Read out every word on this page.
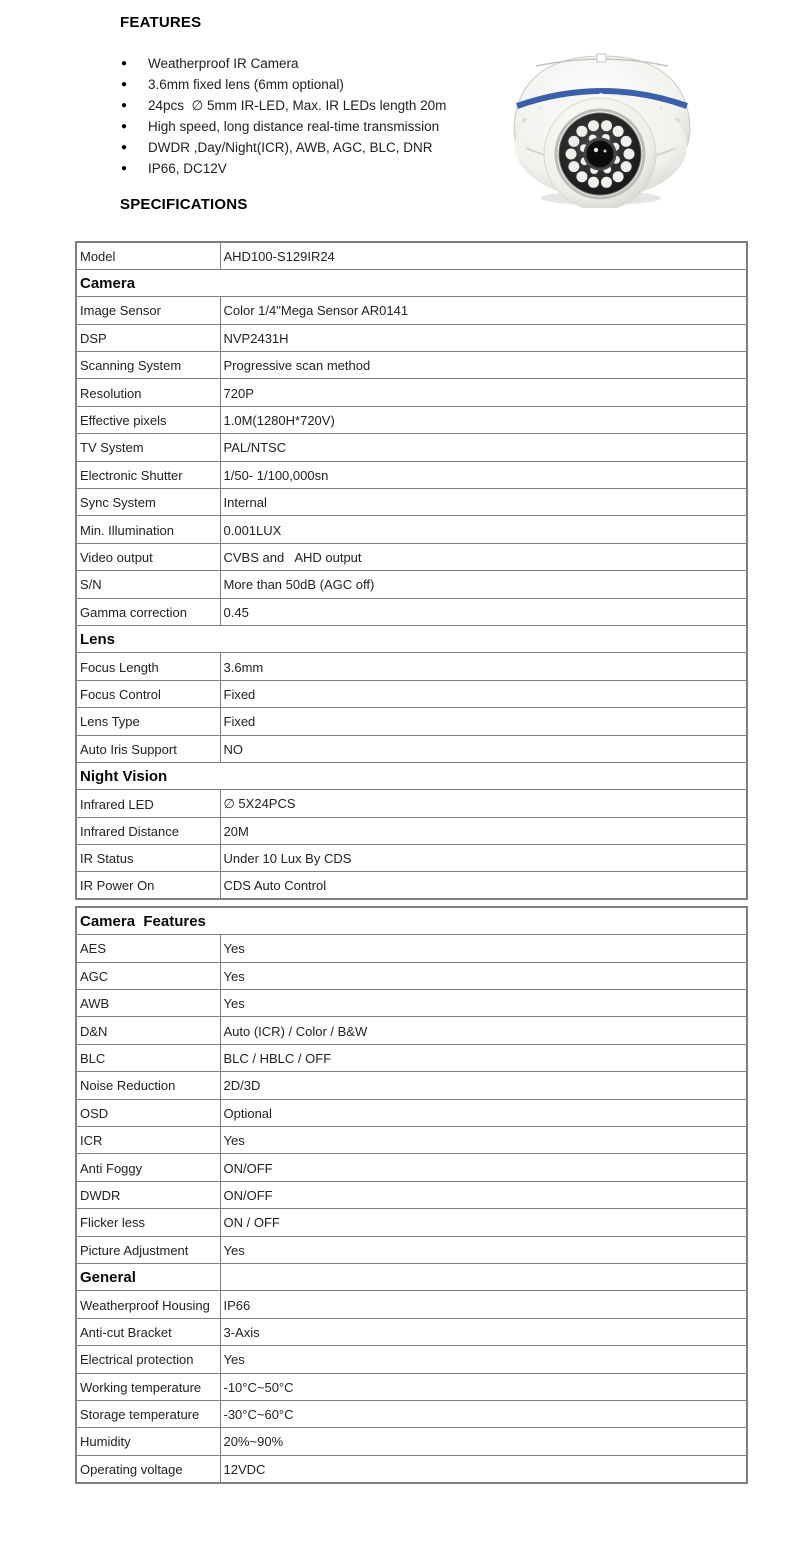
FEATURES
● Weatherproof IR Camera
● 3.6mm fixed lens (6mm optional)
● 24pcs  ∅ 5mm IR-LED, Max. IR LEDs length 20m
● High speed, long distance real-time transmission
● DWDR ,Day/Night(ICR), AWB, AGC, BLC, DNR
● IP66, DC12V
SPECIFICATIONS
Model	AHD100-S129IR24
Camera	
Image Sensor	Color 1/4"Mega Sensor AR0141
DSP	NVP2431H
Scanning System	Progressive scan method
Resolution	720P
Effective pixels	1.0M(1280H*720V)
TV System	PAL/NTSC
Electronic Shutter	1/50- 1/100,000sn
Sync System	Internal
Min. Illumination	0.001LUX
Video output	CVBS and   AHD output
S/N	More than 50dB (AGC off)
Gamma correction	0.45
Lens	
Focus Length	3.6mm
Focus Control	Fixed
Lens Type	Fixed
Auto Iris Support	NO
Night Vision	
Infrared LED	∅ 5X24PCS
Infrared Distance	20M
IR Status	Under 10 Lux By CDS
IR Power On	CDS Auto Control
Camera  Features	
AES	Yes
AGC	Yes
AWB	Yes
D&N	Auto (ICR) / Color / B&W
BLC	BLC / HBLC / OFF
Noise Reduction	2D/3D
OSD	Optional
ICR	Yes
Anti Foggy	ON/OFF
DWDR	ON/OFF
Flicker less	ON / OFF
Picture Adjustment	Yes
General	
Weatherproof Housing	IP66
Anti-cut Bracket	3-Axis
Electrical protection	Yes
Working temperature	-10°C~50°C
Storage temperature	-30°C~60°C
Humidity	20%~90%
Operating voltage	12VDC
